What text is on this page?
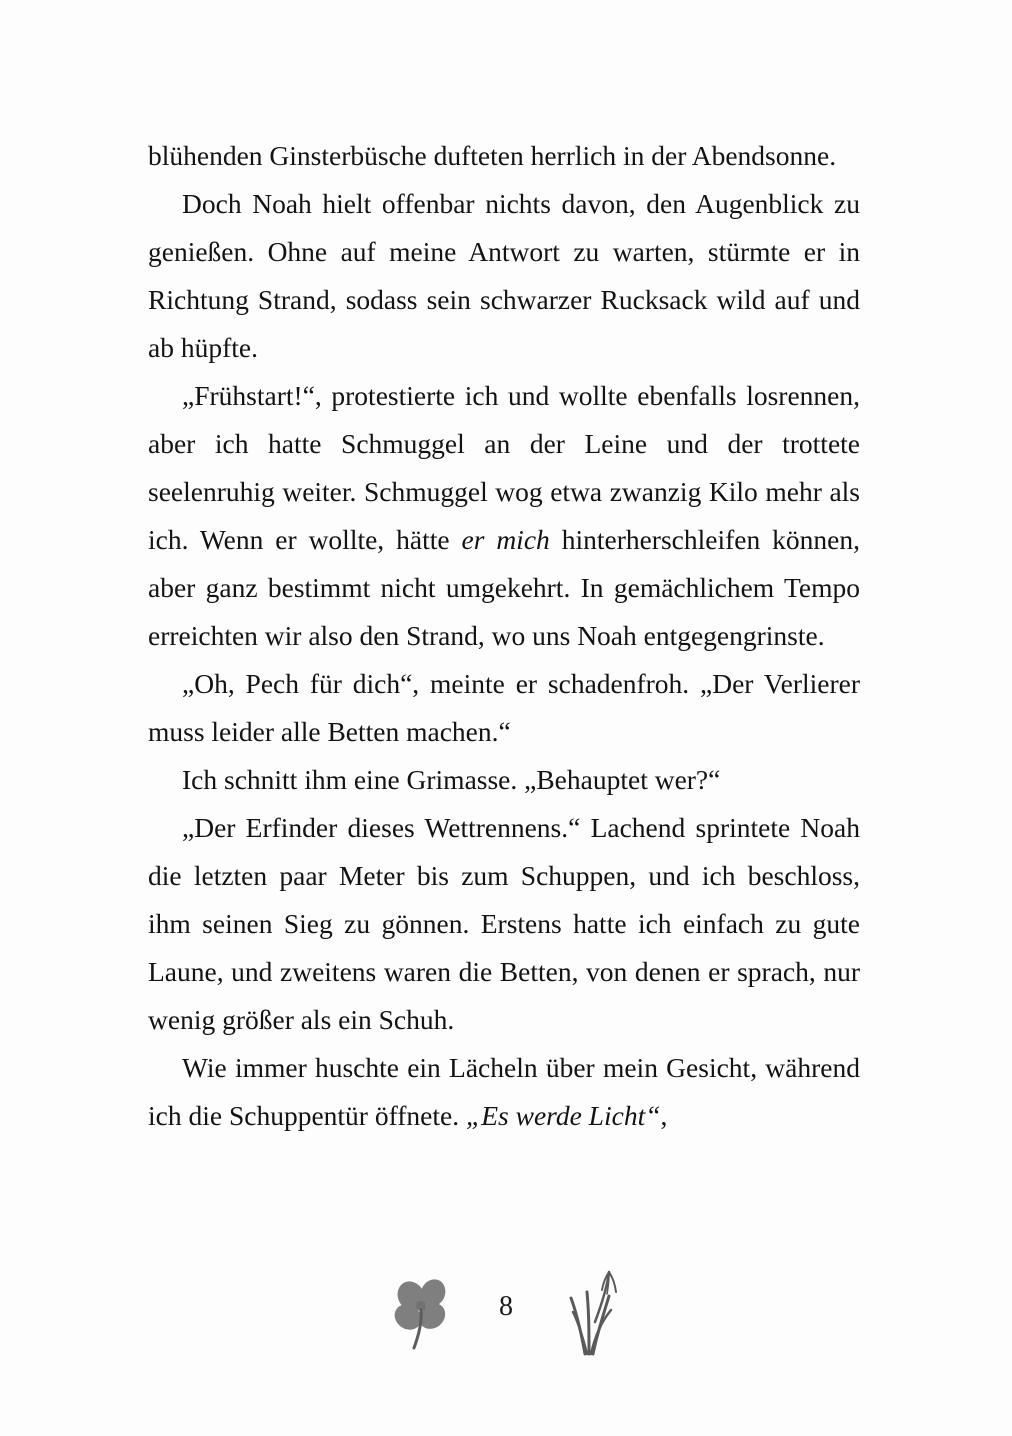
blühenden Ginsterbüsche dufteten herrlich in der Abendsonne.

Doch Noah hielt offenbar nichts davon, den Augenblick zu genießen. Ohne auf meine Antwort zu warten, stürmte er in Richtung Strand, sodass sein schwarzer Rucksack wild auf und ab hüpfte.

„Frühstart!“, protestierte ich und wollte ebenfalls losrennen, aber ich hatte Schmuggel an der Leine und der trottete seelenruhig weiter. Schmuggel wog etwa zwanzig Kilo mehr als ich. Wenn er wollte, hätte er mich hinterherschleifen können, aber ganz bestimmt nicht umgekehrt. In gemächlichem Tempo erreichten wir also den Strand, wo uns Noah entgegengrinste.

„Oh, Pech für dich“, meinte er schadenfroh. „Der Verlierer muss leider alle Betten machen.“

Ich schnitt ihm eine Grimasse. „Behauptet wer?“

„Der Erfinder dieses Wettrennens.“ Lachend sprintete Noah die letzten paar Meter bis zum Schuppen, und ich beschloss, ihm seinen Sieg zu gönnen. Erstens hatte ich einfach zu gute Laune, und zweitens waren die Betten, von denen er sprach, nur wenig größer als ein Schuh.

Wie immer huschte ein Lächeln über mein Gesicht, während ich die Schuppentür öffnete. „Es werde Licht“,

8
